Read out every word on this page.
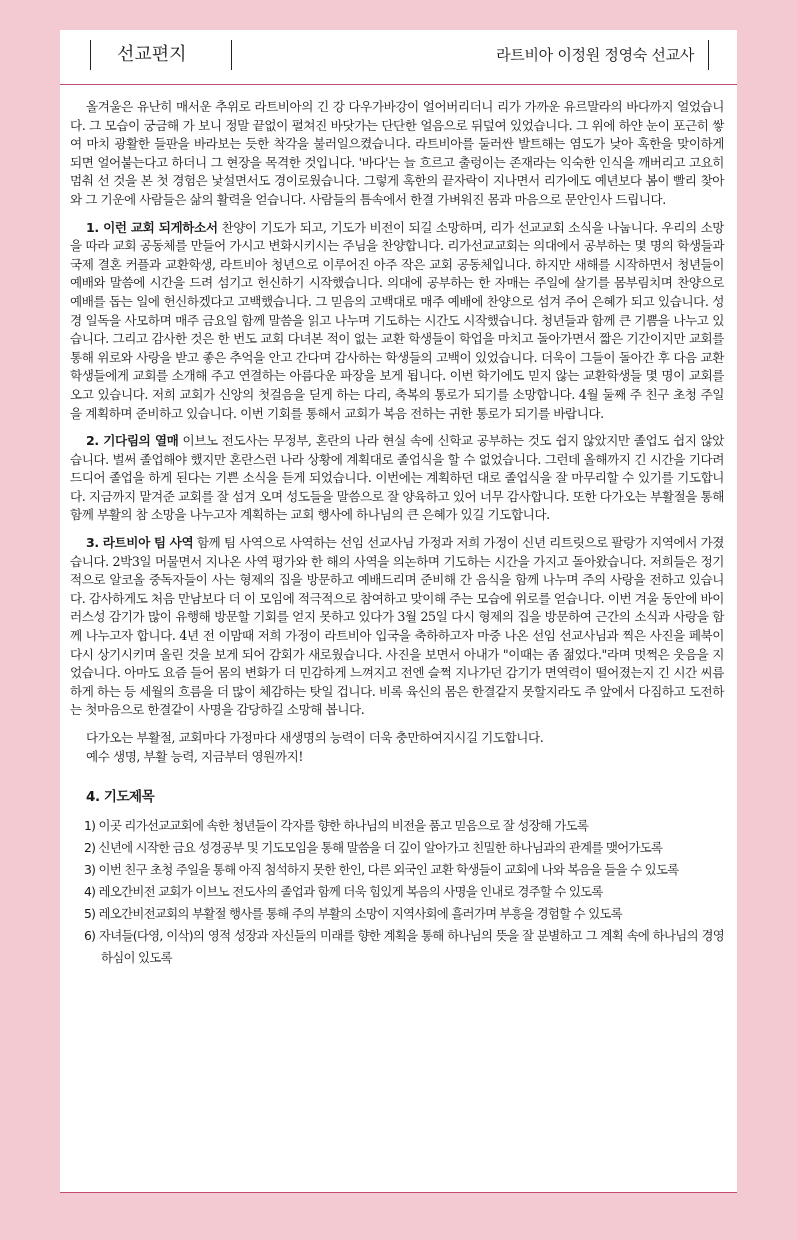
선교편지	라트비아 이정원 정영숙 선교사

올겨울은 유난히 매서운 추위로 라트비아의 긴 강 다우가바강이 얼어버리더니 리가 가까운 유르말라의 바다까지 얼었습니다. 그 모습이 궁금해 가 보니 정말 끝없이 펼쳐진 바닷가는 단단한 얼음으로 뒤덮여 있었습니다. 그 위에 하얀 눈이 포근히 쌓여 마치 광활한 들판을 바라보는 듯한 착각을 불러일으켰습니다. 라트비아를 둘러싼 발트해는 염도가 낮아 혹한을 맞이하게 되면 얼어붙는다고 하더니 그 현장을 목격한 것입니다. '바다'는 늘 흐르고 출렁이는 존재라는 익숙한 인식을 깨버리고 고요히 멈춰 선 것을 본 첫 경험은 낯설면서도 경이로웠습니다. 그렇게 혹한의 끝자락이 지나면서 리가에도 예년보다 봄이 빨리 찾아와 그 기운에 사람들은 삶의 활력을 얻습니다. 사람들의 틈속에서 한결 가벼워진 몸과 마음으로 문안인사 드립니다.

1. 이런 교회 되게하소서 찬양이 기도가 되고, 기도가 비전이 되길 소망하며, 리가 선교교회 소식을 나눕니다. 우리의 소망을 따라 교회 공동체를 만들어 가시고 변화시키시는 주님을 찬양합니다. 리가선교교회는 의대에서 공부하는 몇 명의 학생들과 국제 결혼 커플과 교환학생, 라트비아 청년으로 이루어진 아주 작은 교회 공동체입니다. 하지만 새해를 시작하면서 청년들이 예배와 말씀에 시간을 드려 섬기고 헌신하기 시작했습니다. 의대에 공부하는 한 자매는 주일에 살기를 몸부림치며 찬양으로 예배를 돕는 일에 헌신하겠다고 고백했습니다. 그 믿음의 고백대로 매주 예배에 찬양으로 섬겨 주어 은혜가 되고 있습니다. 성경 일독을 사모하며 매주 금요일 함께 말씀을 읽고 나누며 기도하는 시간도 시작했습니다. 청년들과 함께 큰 기쁨을 나누고 있습니다. 그리고 감사한 것은 한 번도 교회 다녀본 적이 없는 교환 학생들이 학업을 마치고 돌아가면서 짧은 기간이지만 교회를 통해 위로와 사랑을 받고 좋은 추억을 안고 간다며 감사하는 학생들의 고백이 있었습니다. 더욱이 그들이 돌아간 후 다음 교환학생들에게 교회를 소개해 주고 연결하는 아름다운 파장을 보게 됩니다. 이번 학기에도 믿지 않는 교환학생들 몇 명이 교회를 오고 있습니다. 저희 교회가 신앙의 첫걸음을 딛게 하는 다리, 축복의 통로가 되기를 소망합니다. 4월 둘째 주 친구 초청 주일을 계획하며 준비하고 있습니다. 이번 기회를 통해서 교회가 복음 전하는 귀한 통로가 되기를 바랍니다.

2. 기다림의 열매 이브노 전도사는 무정부, 혼란의 나라 현실 속에 신학교 공부하는 것도 쉽지 않았지만 졸업도 쉽지 않았습니다. 벌써 졸업해야 했지만 혼란스런 나라 상황에 계획대로 졸업식을 할 수 없었습니다. 그런데 올해까지 긴 시간을 기다려 드디어 졸업을 하게 된다는 기쁜 소식을 듣게 되었습니다. 이번에는 계획하던 대로 졸업식을 잘 마무리할 수 있기를 기도합니다. 지금까지 맡겨준 교회를 잘 섬겨 오며 성도들을 말씀으로 잘 양육하고 있어 너무 감사합니다. 또한 다가오는 부활절을 통해 함께 부활의 참 소망을 나누고자 계획하는 교회 행사에 하나님의 큰 은혜가 있길 기도합니다.

3. 라트비아 팀 사역 함께 팀 사역으로 사역하는 선임 선교사님 가정과 저희 가정이 신년 리트릿으로 팔랑가 지역에서 가졌습니다. 2박3일 머물면서 지나온 사역 평가와 한 해의 사역을 의논하며 기도하는 시간을 가지고 돌아왔습니다. 저희들은 정기적으로 알코올 중독자들이 사는 형제의 집을 방문하고 예배드리며 준비해 간 음식을 함께 나누며 주의 사랑을 전하고 있습니다. 감사하게도 처음 만남보다 더 이 모임에 적극적으로 참여하고 맞이해 주는 모습에 위로를 얻습니다. 이번 겨울 동안에 바이러스성 감기가 많이 유행해 방문할 기회를 얻지 못하고 있다가 3월 25일 다시 형제의 집을 방문하여 근간의 소식과 사랑을 함께 나누고자 합니다. 4년 전 이맘때 저희 가정이 라트비아 입국을 축하하고자 마중 나온 선임 선교사님과 찍은 사진을 페북이 다시 상기시키며 올린 것을 보게 되어 감회가 새로웠습니다. 사진을 보면서 아내가 "이때는 좀 젊었다."라며 멋쩍은 웃음을 지었습니다. 아마도 요즘 들어 몸의 변화가 더 민감하게 느껴지고 전엔 슬쩍 지나가던 감기가 면역력이 떨어졌는지 긴 시간 씨름하게 하는 등 세월의 흐름을 더 많이 체감하는 탓일 겁니다. 비록 육신의 몸은 한결같지 못할지라도 주 앞에서 다짐하고 도전하는 첫마음으로 한결같이 사명을 감당하길 소망해 봅니다.

다가오는 부활절, 교회마다 가정마다 새생명의 능력이 더욱 충만하여지시길 기도합니다.
예수 생명, 부활 능력, 지금부터 영원까지!
4. 기도제목
1) 이곳 리가선교교회에 속한 청년들이 각자를 향한 하나님의 비전을 품고 믿음으로 잘 성장해 가도록
2) 신년에 시작한 금요 성경공부 및 기도모임을 통해 말씀을 더 깊이 알아가고 친밀한 하나님과의 관계를 맺어가도록
3) 이번 친구 초청 주일을 통해 아직 첨석하지 못한 한인, 다른 외국인 교환 학생들이 교회에 나와 복음을 들을 수 있도록
4) 레오간비전 교회가 이브노 전도사의 졸업과 함께 더욱 힘있게 복음의 사명을 인내로 경주할 수 있도록
5) 레오간비전교회의 부활절 행사를 통해 주의 부활의 소망이 지역사회에 흘러가며 부흥을 경험할 수 있도록
6) 자녀들(다영, 이삭)의 영적 성장과 자신들의 미래를 향한 계획을 통해 하나님의 뜻을 잘 분별하고 그 계획 속에 하나님의 경영하심이 있도록
